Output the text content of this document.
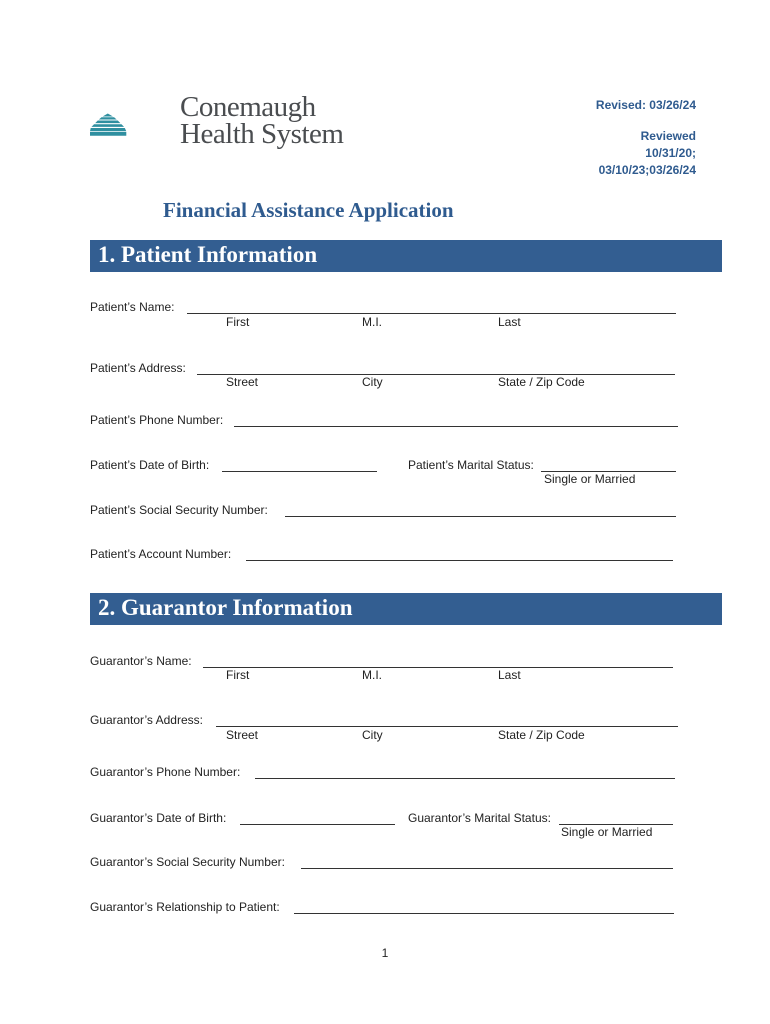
Conemaugh
Health System
Revised: 03/26/24
Reviewed
10/31/20;
03/10/23;03/26/24
Financial Assistance Application
1. Patient Information
Patient’s Name:
First	M.I.	Last
Patient’s Address:
Street	City	State / Zip Code
Patient’s Phone Number:
Patient’s Date of Birth:	Patient’s Marital Status:
Single or Married
Patient’s Social Security Number:
Patient’s Account Number:
2. Guarantor Information
Guarantor’s Name:
First	M.I.	Last
Guarantor’s Address:
Street	City	State / Zip Code
Guarantor’s Phone Number:
Guarantor’s Date of Birth:	Guarantor’s Marital Status:
Single or Married
Guarantor’s Social Security Number:
Guarantor’s Relationship to Patient:
1
